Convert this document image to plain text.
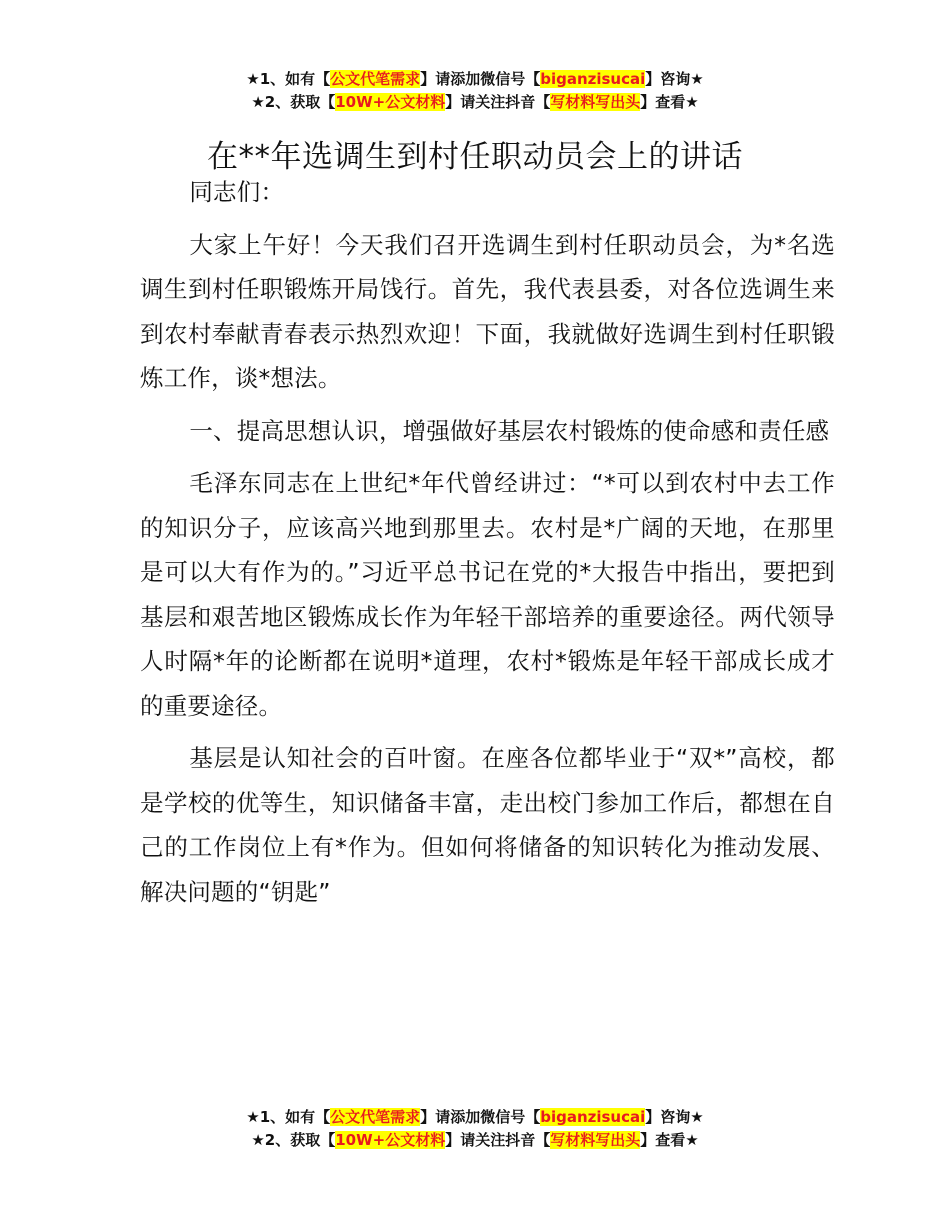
★1、如有【公文代笔需求】请添加微信号【biganzisucai】咨询★
★2、获取【10W+公文材料】请关注抖音【写材料写出头】查看★
在**年选调生到村任职动员会上的讲话

同志们：

大家上午好！今天我们召开选调生到村任职动员会，为*名选调生到村任职锻炼开局饯行。首先，我代表县委，对各位选调生来到农村奉献青春表示热烈欢迎！下面，我就做好选调生到村任职锻炼工作，谈*想法。

一、提高思想认识，增强做好基层农村锻炼的使命感和责任感

毛泽东同志在上世纪*年代曾经讲过：“*可以到农村中去工作的知识分子，应该高兴地到那里去。农村是*广阔的天地，在那里是可以大有作为的。”习近平总书记在党的*大报告中指出，要把到基层和艰苦地区锻炼成长作为年轻干部培养的重要途径。两代领导人时隔*年的论断都在说明*道理，农村*锻炼是年轻干部成长成才的重要途径。

基层是认知社会的百叶窗。在座各位都毕业于“双*”高校，都是学校的优等生，知识储备丰富，走出校门参加工作后，都想在自己的工作岗位上有*作为。但如何将储备的知识转化为推动发展、解决问题的“钥匙”

★1、如有【公文代笔需求】请添加微信号【biganzisucai】咨询★
★2、获取【10W+公文材料】请关注抖音【写材料写出头】查看★
